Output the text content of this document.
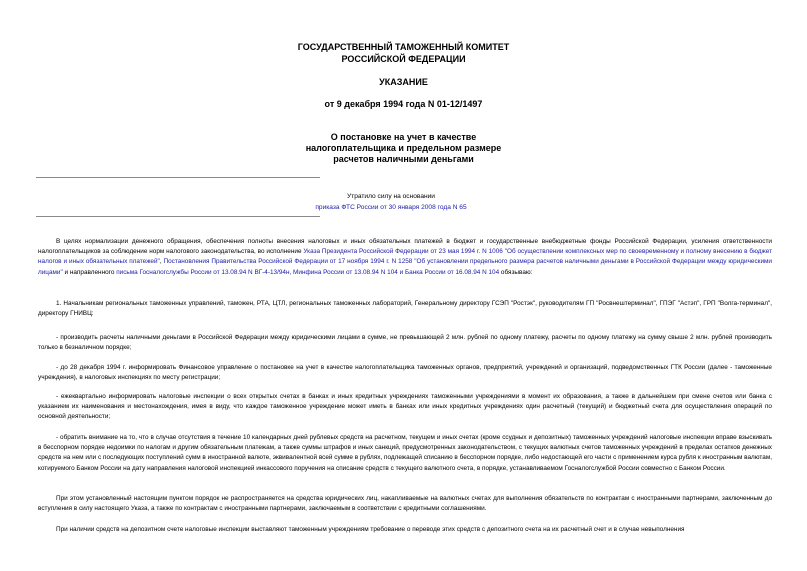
ГОСУДАРСТВЕННЫЙ ТАМОЖЕННЫЙ КОМИТЕТ
РОССИЙСКОЙ ФЕДЕРАЦИИ
УКАЗАНИЕ
от 9 декабря 1994 года N 01-12/1497
О постановке на учет в качестве
налогоплательщика и предельном размере
расчетов наличными деньгами
Утратило силу на основании
приказа ФТС России от 30 января 2008 года N 65

В целях нормализации денежного обращения, обеспечения полноты внесения налоговых и иных обязательных платежей в бюджет и государственные внебюджетные фонды Российской Федерации, усиления ответственности налогоплательщиков за соблюдение норм налогового законодательства, во исполнение Указа Президента Российской Федерации от 23 мая 1994 г. N 1006 "Об осуществлении комплексных мер по своевременному и полному внесению в бюджет налогов и иных обязательных платежей", Постановления Правительства Российской Федерации от 17 ноября 1994 г. N 1258 "Об установлении предельного размера расчетов наличными деньгами в Российской Федерации между юридическими лицами" и направленного письма Госналогслужбы России от 13.08.94 N ВГ-4-13/94н, Минфина России от 13.08.94 N 104 и Банка России от 16.08.94 N 104 обязываю:

1. Начальникам региональных таможенных управлений, таможен, РТА, ЦТЛ, региональных таможенных лабораторий, Генеральному директору ГСЭП "Ростэк", руководителям ГП "Росвнештерминал", ГПЭГ "Астэп", ГРП "Волга-терминал", директору ГНИВЦ:

- производить расчеты наличными деньгами в Российской Федерации между юридическими лицами в сумме, не превышающей 2 млн. рублей по одному платежу, расчеты по одному платежу на сумму свыше 2 млн. рублей производить только в безналичном порядке;

- до 28 декабря 1994 г. информировать Финансовое управление о постановке на учет в качестве налогоплательщика таможенных органов, предприятий, учреждений и организаций, подведомственных ГТК России (далее - таможенные учреждения), в налоговых инспекциях по месту регистрации;

- ежеквартально информировать налоговые инспекции о всех открытых счетах в банках и иных кредитных учреждениях таможенными учреждениями в момент их образования, а также в дальнейшем при смене счетов или банка с указанием их наименования и местонахождения, имея в виду, что каждое таможенное учреждение может иметь в банках или иных кредитных учреждениях один расчетный (текущий) и бюджетный счета для осуществления операций по основной деятельности;

- обратить внимание на то, что в случае отсутствия в течение 10 календарных дней рублевых средств на расчетном, текущем и иных счетах (кроме ссудных и депозитных) таможенных учреждений налоговые инспекции вправе взыскивать в бесспорном порядке недоимки по налогам и другим обязательным платежам, а также суммы штрафов и иных санкций, предусмотренных законодательством, с текущих валютных счетов таможенных учреждений в пределах остатков денежных средств на нем или с последующих поступлений сумм в иностранной валюте, эквивалентной всей сумме в рублях, подлежащей списанию в бесспорном порядке, либо недостающей его части с применением курса рубля к иностранным валютам, котируемого Банком России на дату направления налоговой инспекцией инкассового поручения на списание средств с текущего валютного счета, в порядке, устанавливаемом Госналогслужбой России совместно с Банком России.

При этом установленный настоящим пунктом порядок не распространяется на средства юридических лиц, накапливаемые на валютных счетах для выполнения обязательств по контрактам с иностранными партнерами, заключенным до вступления в силу настоящего Указа, а также по контрактам с иностранными партнерами, заключаемым в соответствии с кредитными соглашениями.

При наличии средств на депозитном счете налоговые инспекции выставляют таможенным учреждениям требование о переводе этих средств с депозитного счета на их расчетный счет и в случае невыполнения
